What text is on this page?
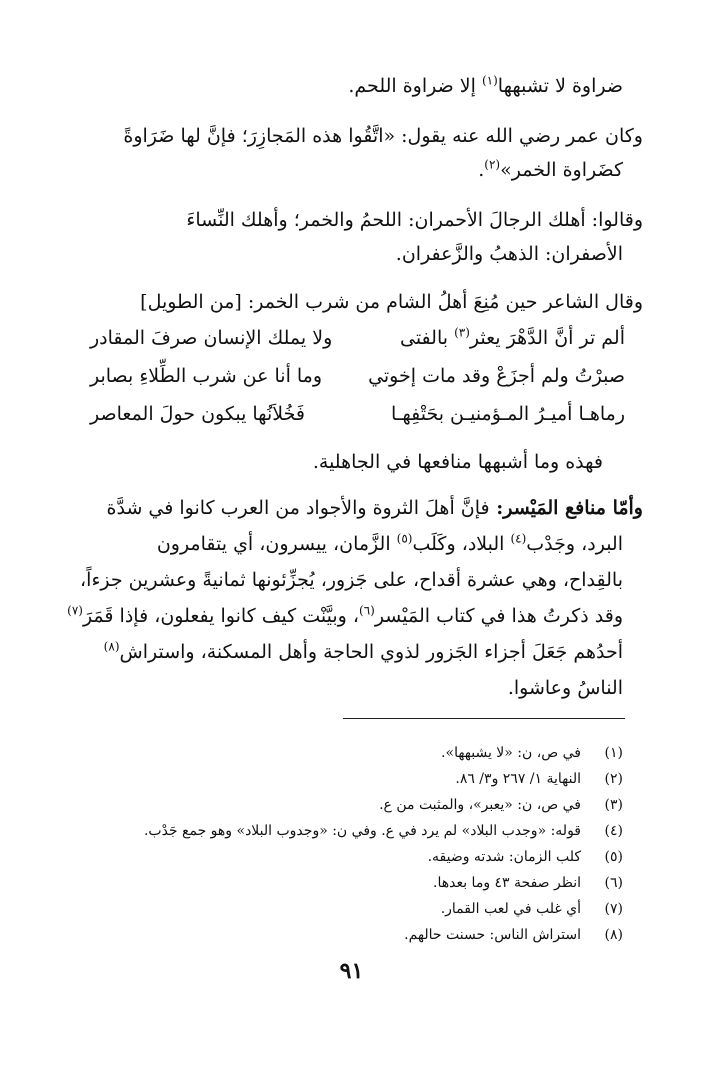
ضراوة لا تشبهها$^{(١)}$ إلا ضراوة اللحم.

وكان عمر رضي الله عنه يقول: «اتَّقُوا هذه المَجازِرَ؛ فإنَّ لها ضَرَاوةً

كضَراوة الخمر»$^{(٢)}$.

وقالوا: أهلك الرجالَ الأحمران: اللحمُ والخمر؛ وأهلك النِّساءَ

الأصفران: الذهبُ والزَّعفران.

وقال الشاعر حين مُنِعَ أهلُ الشام من شرب الخمر: [من الطويل]

ألم تر أنَّ الدَّهْرَ يعثر$^{(٣)}$ بالفتى
ولا يملك الإنسان صرفَ المقادر
صبرْتُ ولم أجزَعْ وقد مات إخوتي
وما أنا عن شرب الطِّلاءِ بصابر
رماهـا أميـرُ المـؤمنيـن بحَتْفِهـا
فَخُلاَنُها يبكون حولَ المعاصر

فهذه وما أشبهها منافعها في الجاهلية.

وأمّا منافع المَيْسر: فإنَّ أهلَ الثروة والأجواد من العرب كانوا في شدَّة

البرد، وجَدْب$^{(٤)}$ البلاد، وكَلَب$^{(٥)}$ الزَّمان، ييسرون، أي يتقامرون

بالقِداح، وهي عشرة أقداح، على جَزور، يُجزِّئونها ثمانيةً وعشرين جزءاً،

وقد ذكرتُ هذا في كتاب المَيْسر$^{(٦)}$، وبيَّنْت كيف كانوا يفعلون، فإذا قَمَرَ$^{(٧)}$

أحدُهم جَعَلَ أجزاء الجَزور لذوي الحاجة وأهل المسكنة، واستراش$^{(٨)}$

الناسُ وعاشوا.

(١)
في ص، ن: «لا يشبهها».
(٢)
النهاية ١/ ٢٦٧ و٣/ ٨٦.
(٣)
في ص، ن: «يعبر»، والمثبت من ع.
(٤)
قوله: «وجدب البلاد» لم يرد في ع. وفي ن: «وجدوب البلاد» وهو جمع جَدْب.
(٥)
كلب الزمان: شدته وضيقه.
(٦)
انظر صفحة ٤٣ وما بعدها.
(٧)
أي غلب في لعب القمار.
(٨)
استراش الناس: حسنت حالهم.
٩١
